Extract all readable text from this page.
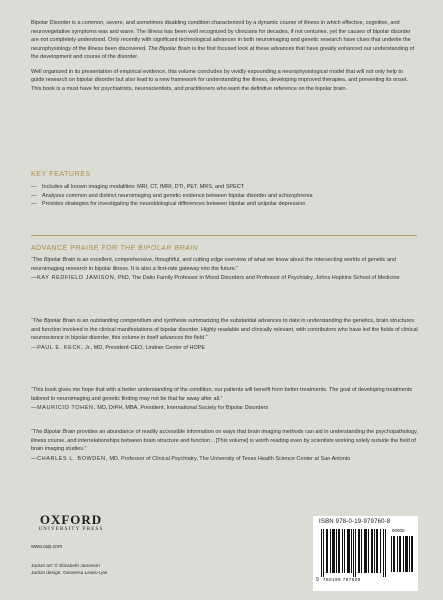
Bipolar Disorder is a common, severe, and sometimes disabling condition characterized by a dynamic course of illness in which effective, cognitive, and neurovegetative symptoms wax and wane. The illness has been well recognized by clinicians for decades, if not centuries, yet the causes of bipolar disorder are not completely understood. Only recently with significant technological advances in both neuroimaging and genetic research have clues that underlie the neurophysiology of the illness been discovered. The Bipolar Brain is the first focused look at these advances that have greatly enhanced our understanding of the development and course of the disorder.

Well organized in its presentation of empirical evidence, this volume concludes by vividly expounding a neurophysiological model that will not only help to guide research on bipolar disorder but also lead to a new framework for understanding the illness, developing improved therapies, and preventing its onset. This book is a must have for psychiatrists, neuroscientists, and practitioners who want the definitive reference on the bipolar brain.

KEY FEATURES
— Includes all known imaging modalities: MRI, CT, fMRI, DTI, PET, MRS, and SPECT
— Analyzes common and distinct neuroimaging and genetic evidence between bipolar disorder and schizophrenia
— Provides strategies for investigating the neurobiological differences between bipolar and unipolar depression
ADVANCE PRAISE FOR THE BIPOLAR BRAIN

“The Bipolar Brain is an excellent, comprehensive, thoughtful, and cutting edge overview of what we know about the intersecting worlds of genetic and neuroimaging research in bipolar illness. It is also a first-rate gateway into the future.”

—KAY REDFIELD JAMISON, PhD, The Dalio Family Professor in Mood Disorders and Professor of Psychiatry, Johns Hopkins School of Medicine

“The Bipolar Brain is an outstanding compendium and synthesis summarizing the substantial advances to date in understanding the genetics, brain structures and function involved in the clinical manifestations of bipolar disorder. Highly readable and clinically relevant, with contributors who have led the fields of clinical neuroscience in bipolar disorder, this volume in itself advances the field.”

—PAUL E. KECK, Jr., MD, President-CEO, Lindner Center of HOPE

“This book gives me hope that with a better understanding of the condition, our patients will benefit from better treatments. The goal of developing treatments tailored to neuroimaging and genetic finding may not be that far away after all.”

—MAURICIO TOHEN, MD, DrPH, MBA, President, International Society for Bipolar Disorders

“The Bipolar Brain provides an abundance of readily accessible information on ways that brain imaging methods can aid in understanding the psychopathology, illness course, and interrelationships between brain structure and function…[This volume] is worth reading even by scientists working solely outside the field of brain imaging studies.”

—CHARLES L. BOWDEN, MD, Professor of Clinical Psychiatry, The University of Texas Health Science Center at San Antonio

OXFORD
UNIVERSITY PRESS
www.oup.com
Jacket art: © Elizabeth Jameson
Jacket design: Gerarena Lewis-Lyte
ISBN 978-0-19-979760-8
90000
9 780199 797608
